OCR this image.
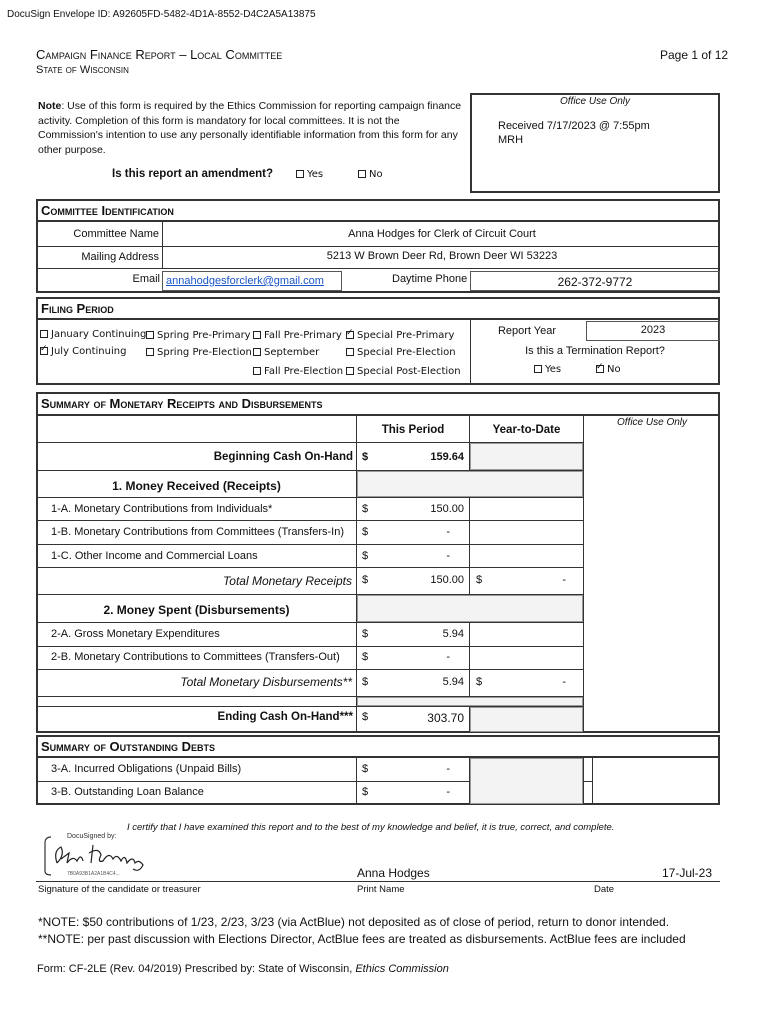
DocuSign Envelope ID: A92605FD-5482-4D1A-8552-D4C2A5A13875
Campaign Finance Report – Local Committee
State of Wisconsin
Page 1 of 12
Note: Use of this form is required by the Ethics Commission for reporting campaign finance activity. Completion of this form is mandatory for local committees. It is not the Commission's intention to use any personally identifiable information from this form for any other purpose.
Is this report an amendment?	Yes	No
Office Use Only
Received 7/17/2023 @ 7:55pm
MRH
Committee Identification
Committee Name	Anna Hodges for Clerk of Circuit Court
Mailing Address	5213 W Brown Deer Rd, Brown Deer WI 53223
Email annahodgesforclerk@gmail.com	Daytime Phone	262-372-9772
Filing Period
January Continuing
✓July Continuing
Spring Pre-Primary
Spring Pre-Election
Fall Pre-Primary
September
Fall Pre-Election
✓Special Pre-Primary
Special Pre-Election
Special Post-Election
Report Year	2023
Is this a Termination Report?
Yes
✓	No
Summary of Monetary Receipts and Disbursements
This Period	Year-to-Date
Office Use Only
Beginning Cash On-Hand $	159.64
1. Money Received (Receipts)
1-A. Monetary Contributions from Individuals*	$	150.00
1-B. Monetary Contributions from Committees (Transfers-In) $	-
1-C. Other Income and Commercial Loans	$	-
Total Monetary Receipts $	150.00 $	-
2. Money Spent (Disbursements)
2-A. Gross Monetary Expenditures	$	5.94
2-B. Monetary Contributions to Committees (Transfers-Out) $	-
Total Monetary Disbursements** $	5.94 $	-
Ending Cash On-Hand*** $	303.70
Summary of Outstanding Debts
3-A. Incurred Obligations (Unpaid Bills)	$	-
3-B. Outstanding Loan Balance	$	-
I certify that I have examined this report and to the best of my knowledge and belief, it is true, correct, and complete.
DocuSigned by:
7B0A93B1A2A1B4C4...	Anna Hodges	17-Jul-23
Signature of the candidate or treasurer	Print Name	Date
*NOTE: $50 contributions of 1/23, 2/23, 3/23 (via ActBlue) not deposited as of close of period, return to donor intended.
**NOTE: per past discussion with Elections Director, ActBlue fees are treated as disbursements. ActBlue fees are included
Form: CF-2LE (Rev. 04/2019) Prescribed by: State of Wisconsin, Ethics Commission
